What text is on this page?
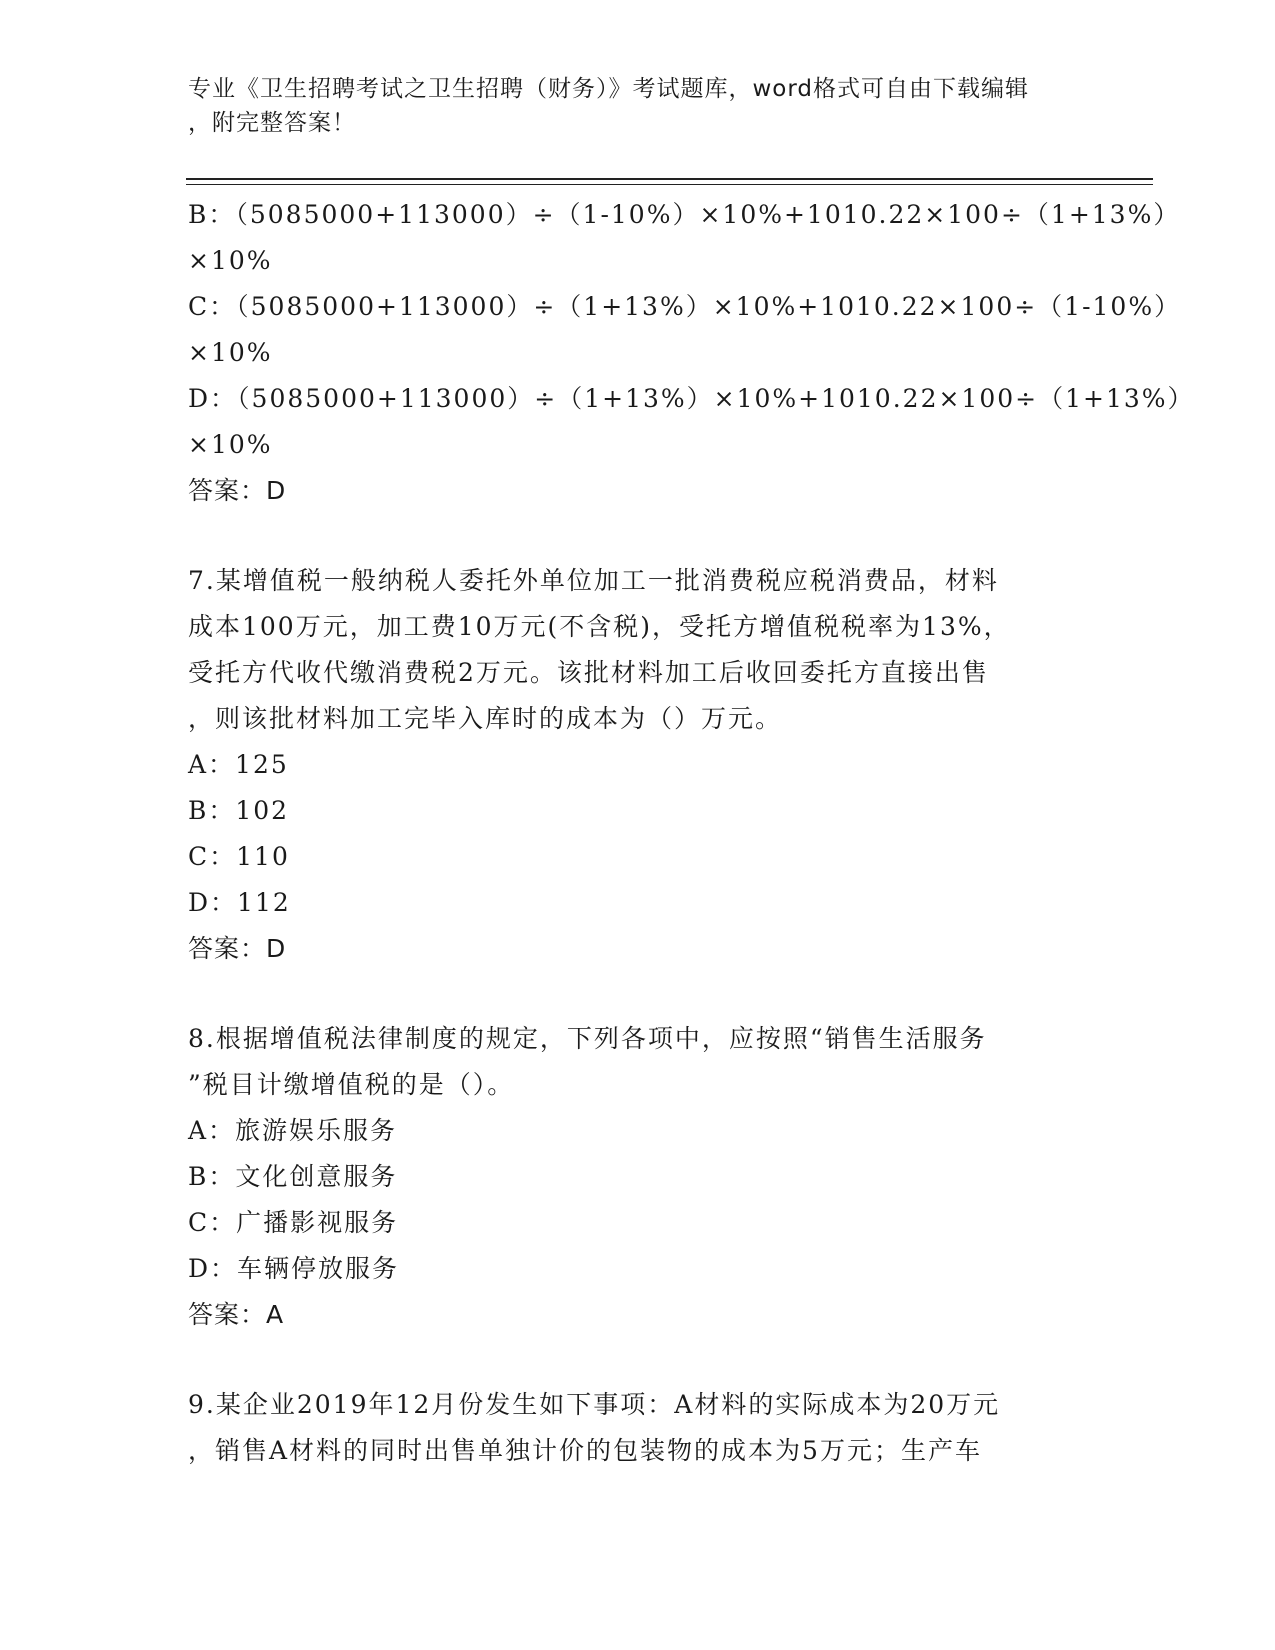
专业《卫生招聘考试之卫生招聘（财务）》考试题库，word格式可自由下载编辑
，附完整答案！
B：（5085000+113000）÷（1-10%）×10%+1010.22×100÷（1+13%）
×10%
C：（5085000+113000）÷（1+13%）×10%+1010.22×100÷（1-10%）
×10%
D：（5085000+113000）÷（1+13%）×10%+1010.22×100÷（1+13%）
×10%
答案：D
7.某增值税一般纳税人委托外单位加工一批消费税应税消费品，材料
成本100万元，加工费10万元(不含税)，受托方增值税税率为13%，
受托方代收代缴消费税2万元。该批材料加工后收回委托方直接出售
，则该批材料加工完毕入库时的成本为（）万元。
A：125
B：102
C：110
D：112
答案：D
8.根据增值税法律制度的规定，下列各项中，应按照“销售生活服务
”税目计缴增值税的是（）。
A：旅游娱乐服务
B：文化创意服务
C：广播影视服务
D：车辆停放服务
答案：A
9.某企业2019年12月份发生如下事项：A材料的实际成本为20万元
，销售A材料的同时出售单独计价的包装物的成本为5万元；生产车
